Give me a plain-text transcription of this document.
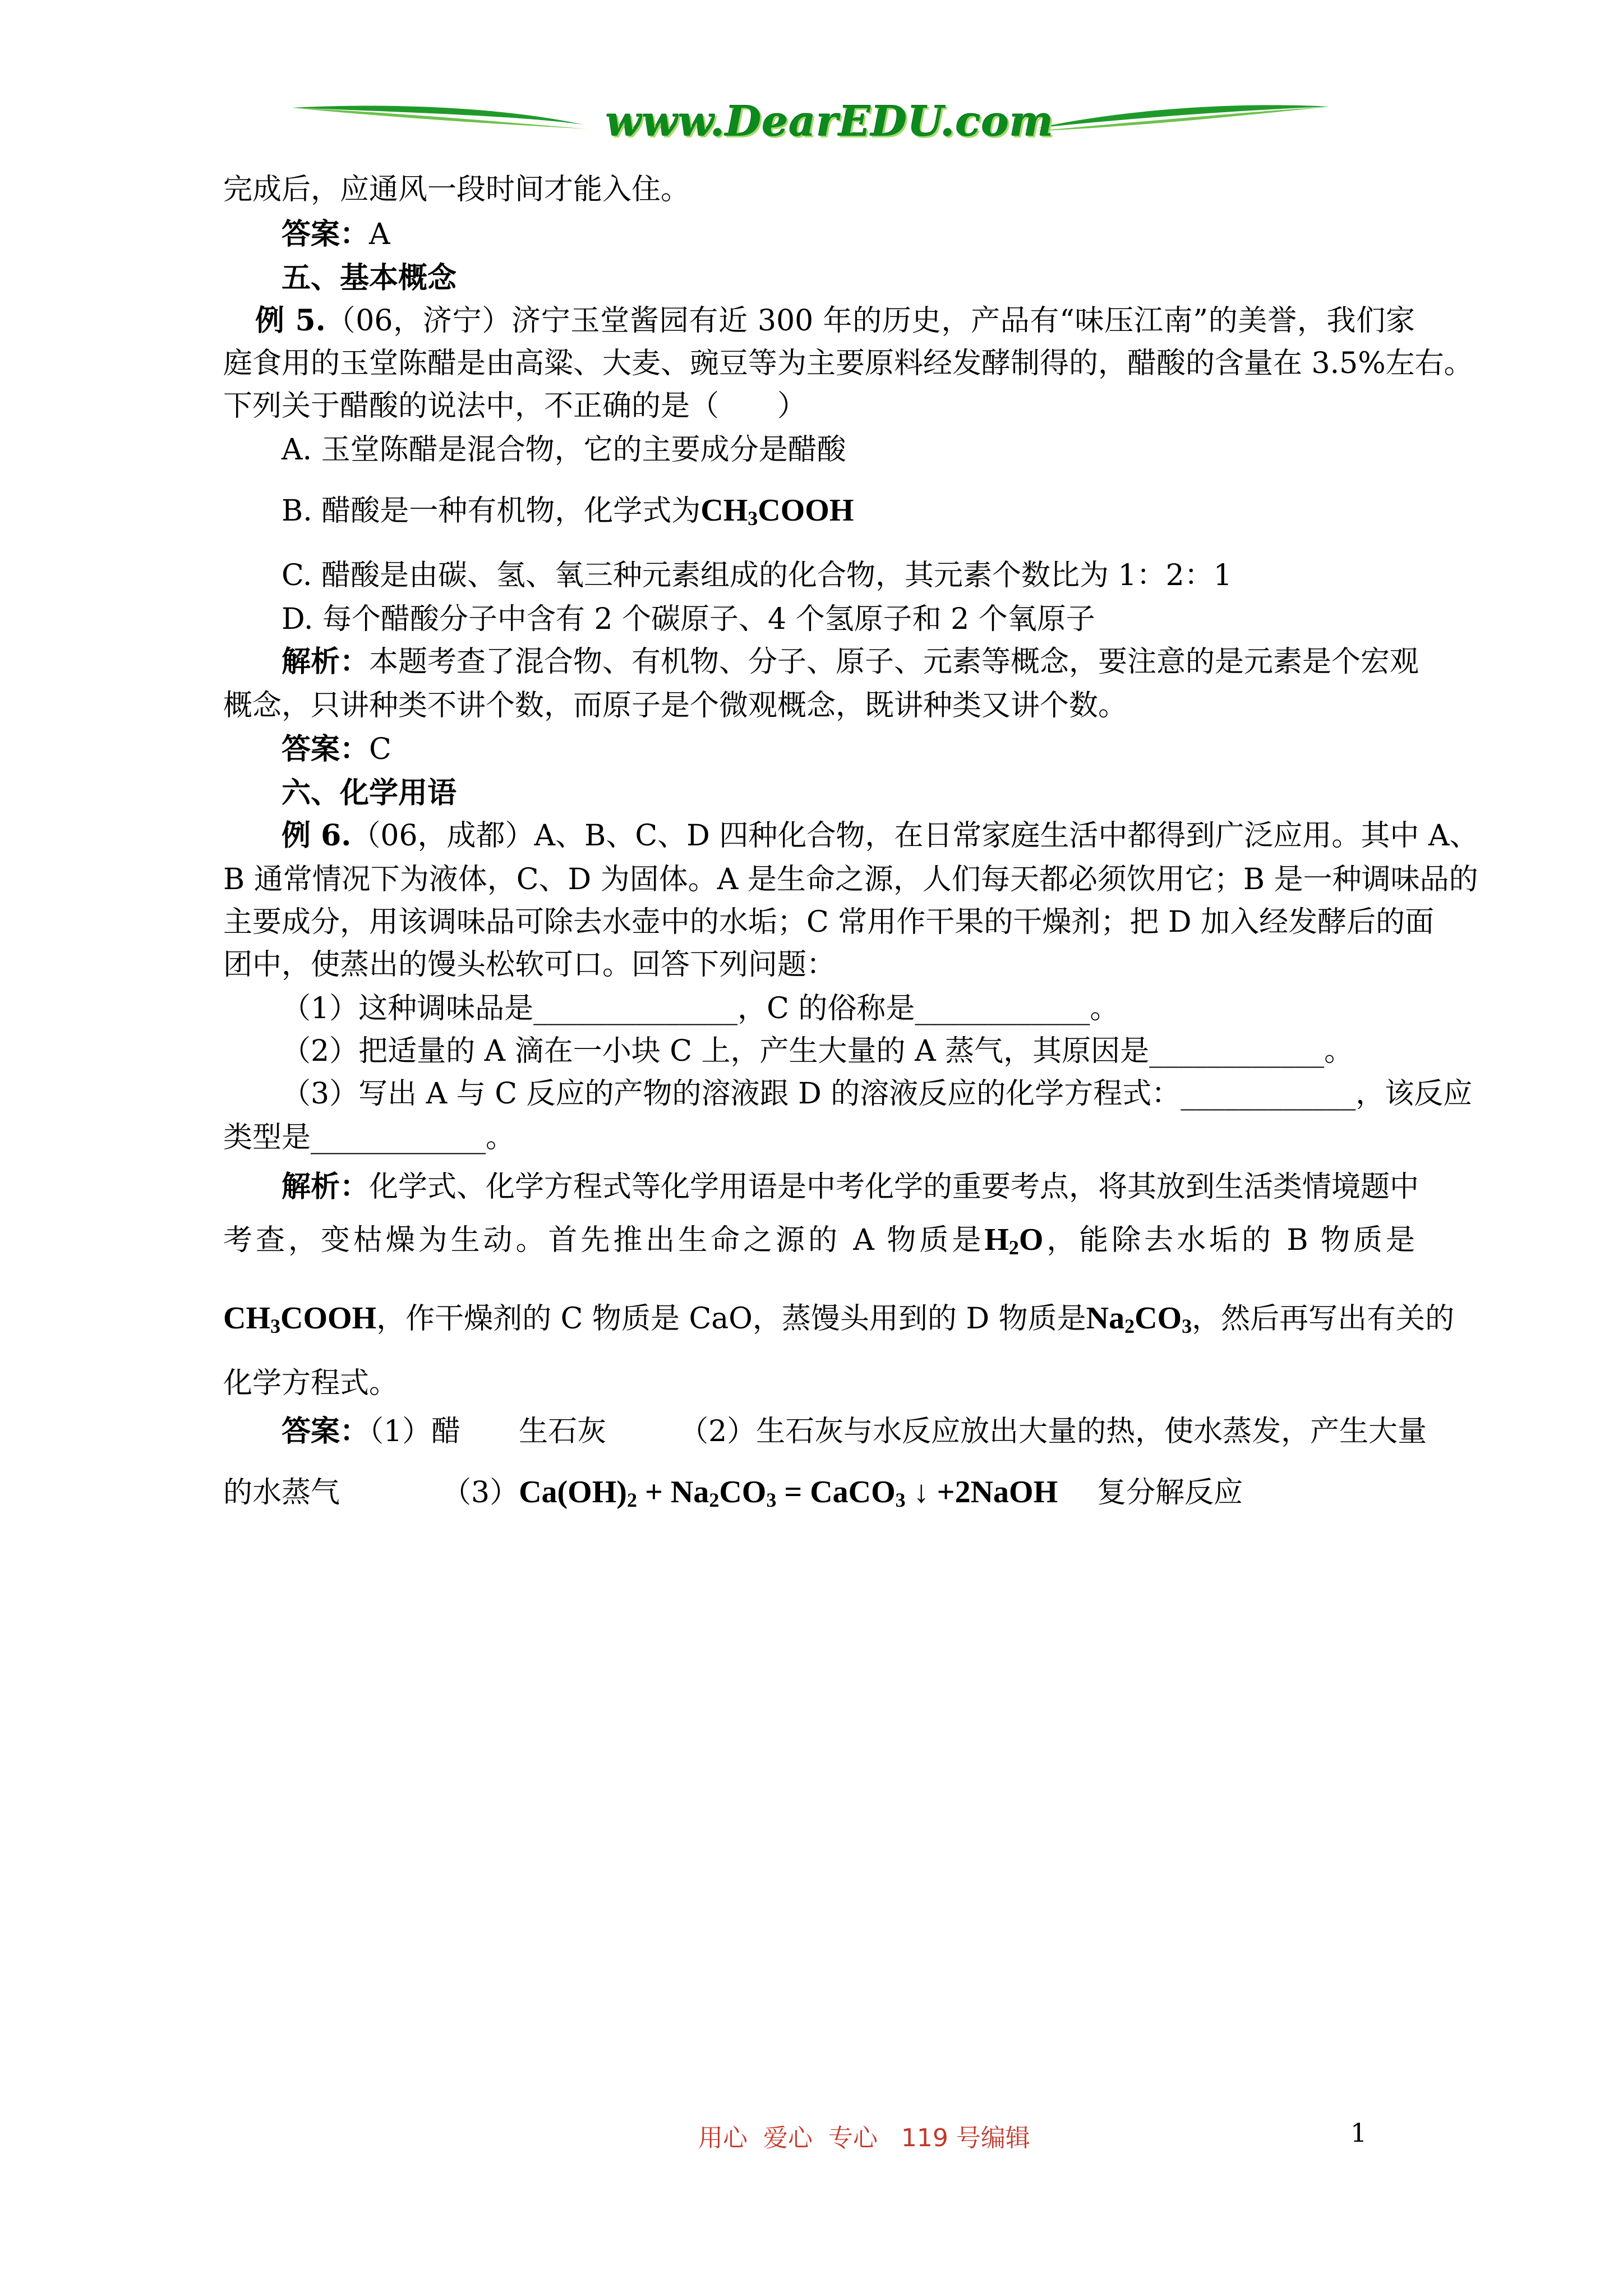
www.DearEDU.com
完成后，应通风一段时间才能入住。
答案：A
五、基本概念
例 5.（06，济宁）济宁玉堂酱园有近 300 年的历史，产品有“味压江南”的美誉，我们家
庭食用的玉堂陈醋是由高粱、大麦、豌豆等为主要原料经发酵制得的，醋酸的含量在 3.5%左右。
下列关于醋酸的说法中，不正确的是（　　）
A. 玉堂陈醋是混合物，它的主要成分是醋酸
B. 醋酸是一种有机物，化学式为$CH_3COOH$
C. 醋酸是由碳、氢、氧三种元素组成的化合物，其元素个数比为 1：2：1
D. 每个醋酸分子中含有 2 个碳原子、4 个氢原子和 2 个氧原子
解析：本题考查了混合物、有机物、分子、原子、元素等概念，要注意的是元素是个宏观
概念，只讲种类不讲个数，而原子是个微观概念，既讲种类又讲个数。
答案：C
六、化学用语
例 6.（06，成都）A、B、C、D 四种化合物，在日常家庭生活中都得到广泛应用。其中 A、
B 通常情况下为液体，C、D 为固体。A 是生命之源，人们每天都必须饮用它；B 是一种调味品的
主要成分，用该调味品可除去水壶中的水垢；C 常用作干果的干燥剂；把 D 加入经发酵后的面
团中，使蒸出的馒头松软可口。回答下列问题：
（1）这种调味品是______________，C 的俗称是____________。
（2）把适量的 A 滴在一小块 C 上，产生大量的 A 蒸气，其原因是____________。
（3）写出 A 与 C 反应的产物的溶液跟 D 的溶液反应的化学方程式：____________，该反应
类型是____________。
解析：化学式、化学方程式等化学用语是中考化学的重要考点，将其放到生活类情境题中
考查，变枯燥为生动。首先推出生命之源的 A 物质是$H_2O$，能除去水垢的 B 物质是
$CH_3COOH$，作干燥剂的 C 物质是 CaO，蒸馒头用到的 D 物质是$Na_2CO_3$，然后再写出有关的
化学方程式。
答案：（1）醋　　生石灰　　　（2）生石灰与水反应放出大量的热，使水蒸发，产生大量
的水蒸气　　　　$(3)Ca(OH)_2 + Na_2CO_3$ = CaCO$_3$ ↓ +2NaOH 复分解反应
用心  爱心  专心   119 号编辑	1
